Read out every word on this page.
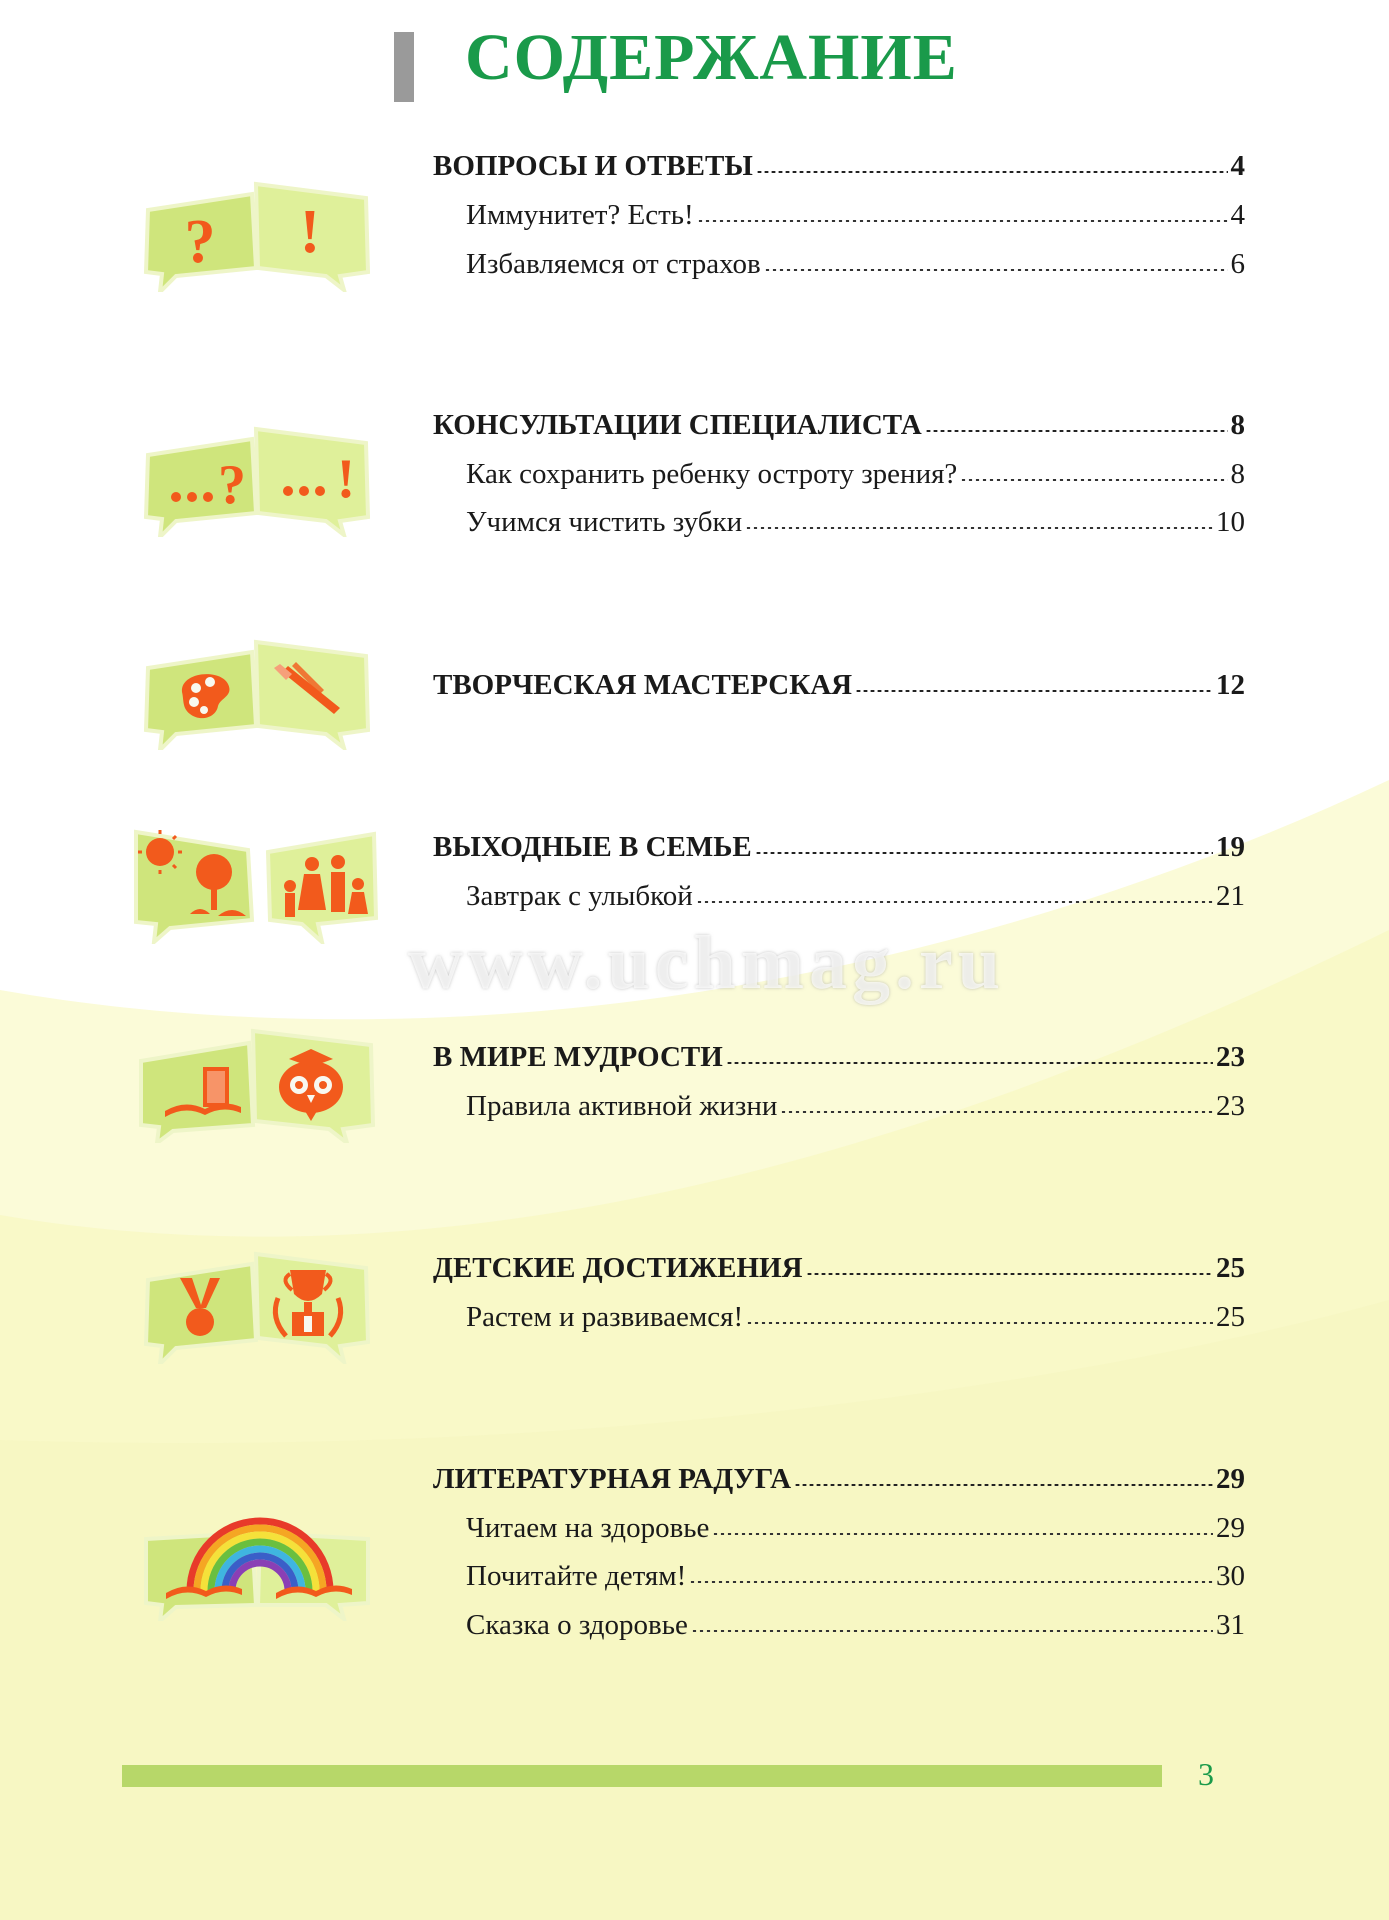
СОДЕРЖАНИЕ
? !
ВОПРОСЫ И ОТВЕТЫ	4
Иммунитет? Есть!	4
Избавляемся от страхов	6
? !
КОНСУЛЬТАЦИИ СПЕЦИАЛИСТА	8
Как сохранить ребенку остроту зрения?	8
Учимся чистить зубки	10
ТВОРЧЕСКАЯ МАСТЕРСКАЯ	12
ВЫХОДНЫЕ В СЕМЬЕ	19
Завтрак с улыбкой	21
В МИРЕ МУДРОСТИ	23
Правила активной жизни	23
ДЕТСКИЕ ДОСТИЖЕНИЯ	25
Растем и развиваемся!	25
ЛИТЕРАТУРНАЯ РАДУГА	29
Читаем на здоровье	29
Почитайте детям!	30
Сказка о здоровье	31
www.uchmag.ru
3
